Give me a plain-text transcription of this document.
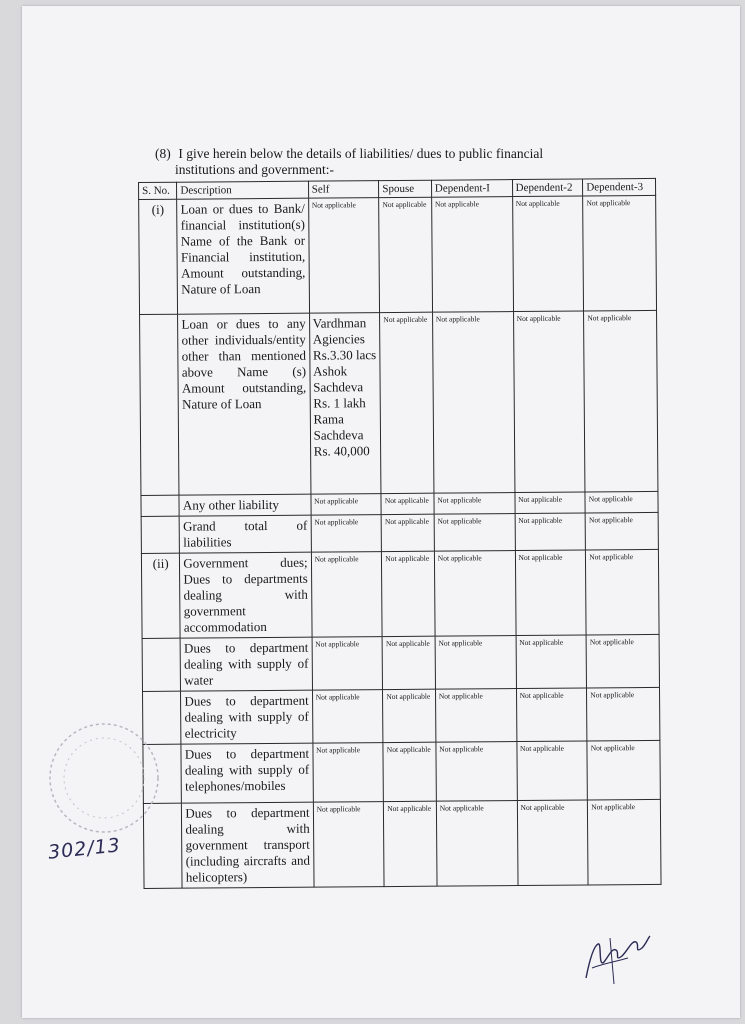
(8) I give herein below the details of liabilities/ dues to public financial
institutions and government:-
S. No.	Description	Self	Spouse	Dependent-I	Dependent-2	Dependent-3
(i)	Loan or dues to Bank/ financial institution(s) Name of the Bank or Financial institution, Amount outstanding, Nature of Loan	Not applicable	Not applicable	Not applicable	Not applicable	Not applicable
	Loan or dues to any other individuals/entity other than mentioned above Name (s) Amount outstanding, Nature of Loan	Vardhman Agiencies Rs.3.30 lacs Ashok Sachdeva Rs. 1 lakh Rama Sachdeva Rs. 40,000	Not applicable	Not applicable	Not applicable	Not applicable
	Any other liability	Not applicable	Not applicable	Not applicable	Not applicable	Not applicable
	Grand total of liabilities	Not applicable	Not applicable	Not applicable	Not applicable	Not applicable
(ii)	Government dues; Dues to departments dealing with government accommodation	Not applicable	Not applicable	Not applicable	Not applicable	Not applicable
	Dues to department dealing with supply of water	Not applicable	Not applicable	Not applicable	Not applicable	Not applicable
	Dues to department dealing with supply of electricity	Not applicable	Not applicable	Not applicable	Not applicable	Not applicable
	Dues to department dealing with supply of telephones/mobiles	Not applicable	Not applicable	Not applicable	Not applicable	Not applicable
	Dues to department dealing with government transport (including aircrafts and helicopters)	Not applicable	Not applicable	Not applicable	Not applicable	Not applicable
302/13
